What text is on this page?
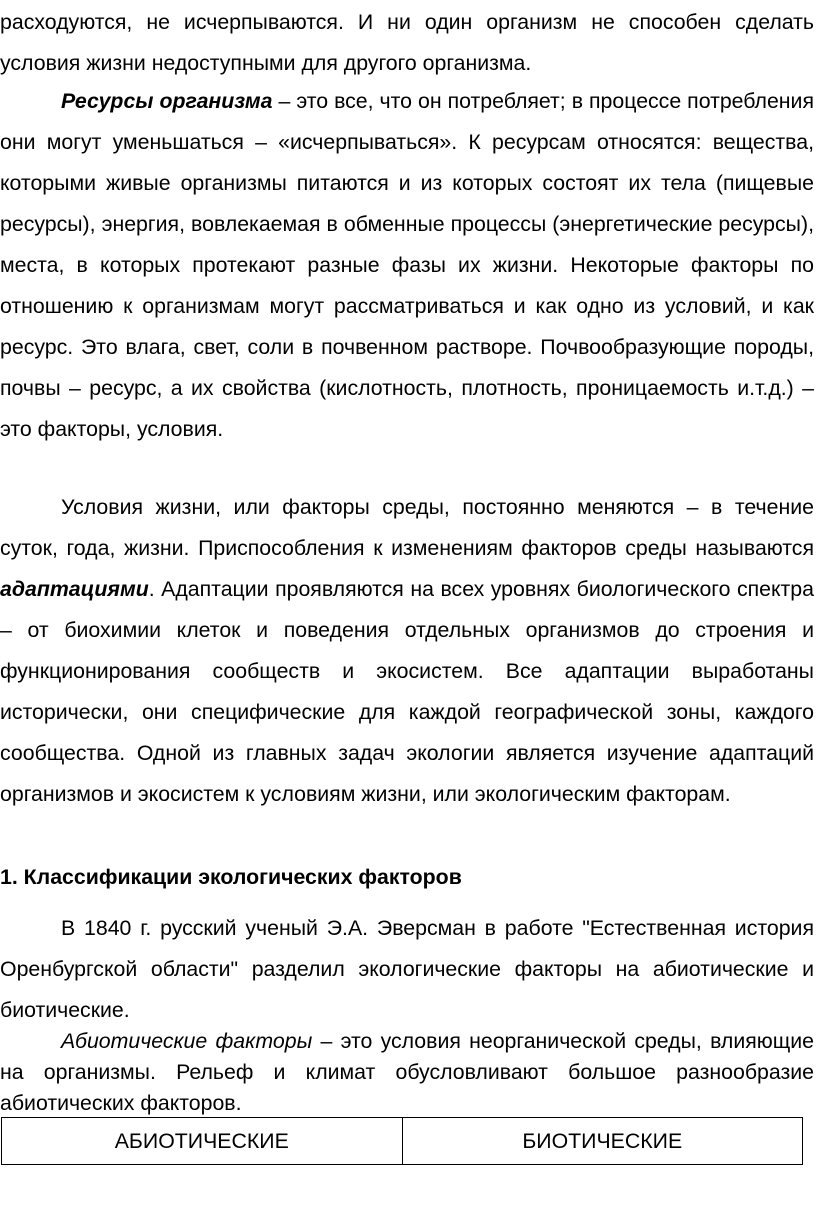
расходуются, не исчерпываются. И ни один организм не способен сделать условия жизни недоступными для другого организма.

Ресурсы организма – это все, что он потребляет; в процессе потребления они могут уменьшаться – «исчерпываться». К ресурсам относятся: вещества, которыми живые организмы питаются и из которых состоят их тела (пищевые ресурсы), энергия, вовлекаемая в обменные процессы (энергетические ресурсы), места, в которых протекают разные фазы их жизни. Некоторые факторы по отношению к организмам могут рассматриваться и как одно из условий, и как ресурс. Это влага, свет, соли в почвенном растворе. Почвообразующие породы, почвы – ресурс, а их свойства (кислотность, плотность, проницаемость и.т.д.) – это факторы, условия.

Условия жизни, или факторы среды, постоянно меняются – в течение суток, года, жизни. Приспособления к изменениям факторов среды называются адаптациями. Адаптации проявляются на всех уровнях биологического спектра – от биохимии клеток и поведения отдельных организмов до строения и функционирования сообществ и экосистем. Все адаптации выработаны исторически, они специфические для каждой географической зоны, каждого сообщества. Одной из главных задач экологии является изучение адаптаций организмов и экосистем к условиям жизни, или экологическим факторам.

1. Классификации экологических факторов

В 1840 г. русский ученый Э.А. Эверсман в работе "Естественная история Оренбургской области" разделил экологические факторы на абиотические и биотические.

Абиотические факторы – это условия неорганической среды, влияющие на организмы. Рельеф и климат обусловливают большое разнообразие абиотических факторов.

АБИОТИЧЕСКИЕ	БИОТИЧЕСКИЕ
